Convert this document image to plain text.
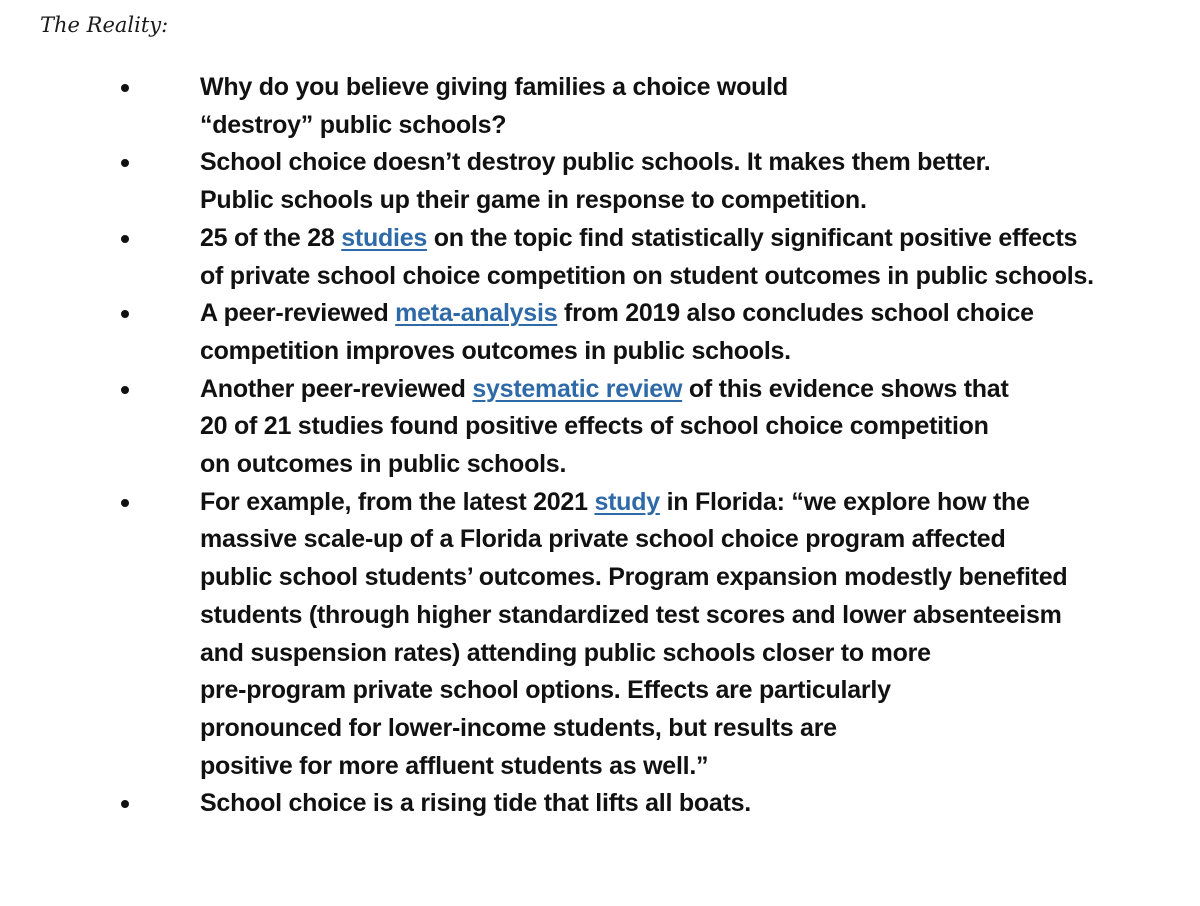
The Reality:

Why do you believe giving families a choice would
“destroy” public schools?
School choice doesn’t destroy public schools. It makes them better.
Public schools up their game in response to competition.
25 of the 28 studies on the topic find statistically significant positive effects
of private school choice competition on student outcomes in public schools.
A peer-reviewed meta-analysis from 2019 also concludes school choice
competition improves outcomes in public schools.
Another peer-reviewed systematic review of this evidence shows that
20 of 21 studies found positive effects of school choice competition
on outcomes in public schools.
For example, from the latest 2021 study in Florida: “we explore how the
massive scale-up of a Florida private school choice program affected
public school students’ outcomes. Program expansion modestly benefited
students (through higher standardized test scores and lower absenteeism
and suspension rates) attending public schools closer to more
pre-program private school options. Effects are particularly
pronounced for lower-income students, but results are
positive for more affluent students as well.”
School choice is a rising tide that lifts all boats.
